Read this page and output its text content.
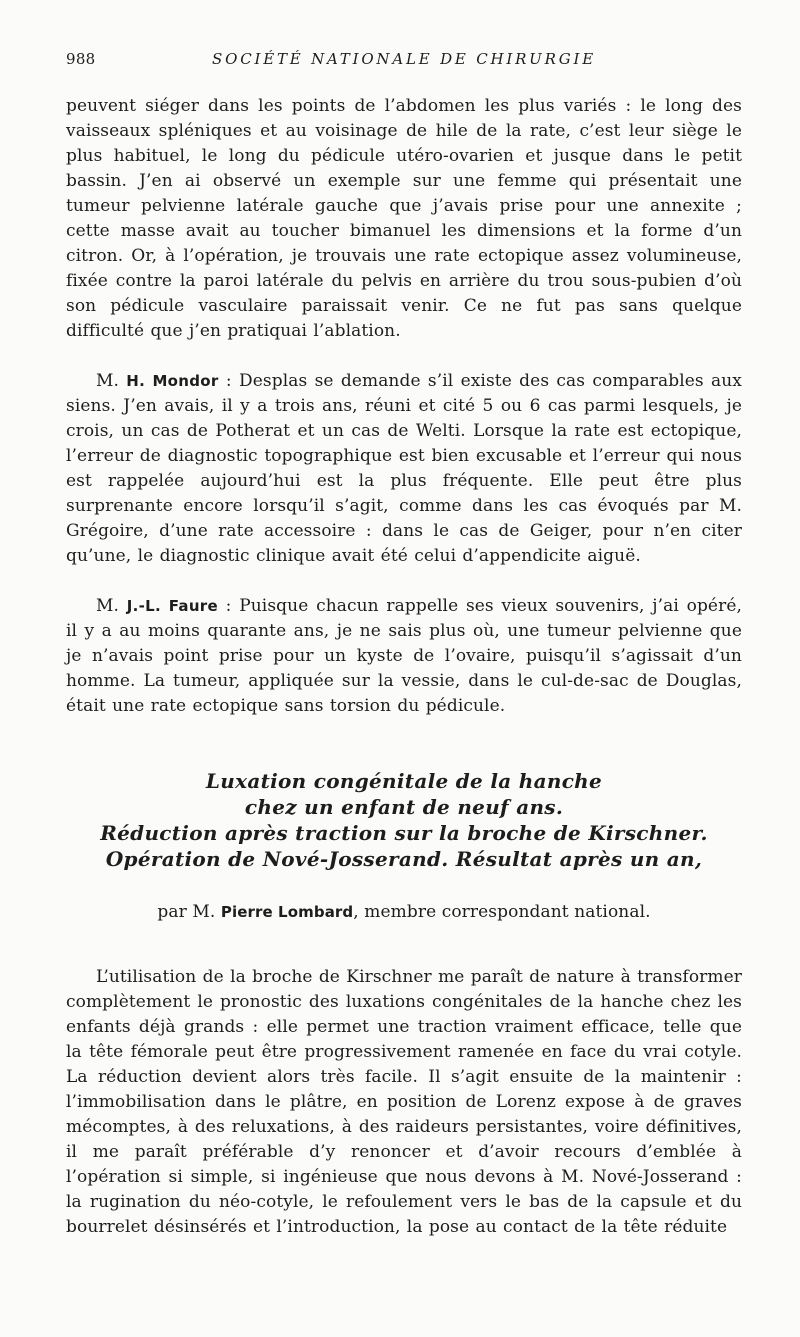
988	SOCIÉTÉ NATIONALE DE CHIRURGIE

peuvent siéger dans les points de l’abdomen les plus variés : le long des vaisseaux spléniques et au voisinage de hile de la rate, c’est leur siège le plus habituel, le long du pédicule utéro-ovarien et jusque dans le petit bassin. J’en ai observé un exemple sur une femme qui présentait une tumeur pelvienne latérale gauche que j’avais prise pour une annexite ; cette masse avait au toucher bimanuel les dimensions et la forme d’un citron. Or, à l’opération, je trouvais une rate ectopique assez volumineuse, fixée contre la paroi latérale du pelvis en arrière du trou sous-pubien d’où son pédicule vasculaire paraissait venir. Ce ne fut pas sans quelque difficulté que j’en pratiquai l’ablation.

M. H. Mondor : Desplas se demande s’il existe des cas comparables aux siens. J’en avais, il y a trois ans, réuni et cité 5 ou 6 cas parmi lesquels, je crois, un cas de Potherat et un cas de Welti. Lorsque la rate est ectopique, l’erreur de diagnostic topographique est bien excusable et l’erreur qui nous est rappelée aujourd’hui est la plus fréquente. Elle peut être plus surprenante encore lorsqu’il s’agit, comme dans les cas évoqués par M. Grégoire, d’une rate accessoire : dans le cas de Geiger, pour n’en citer qu’une, le diagnostic clinique avait été celui d’appendicite aiguë.

M. J.-L. Faure : Puisque chacun rappelle ses vieux souvenirs, j’ai opéré, il y a au moins quarante ans, je ne sais plus où, une tumeur pelvienne que je n’avais point prise pour un kyste de l’ovaire, puisqu’il s’agissait d’un homme. La tumeur, appliquée sur la vessie, dans le cul-de-sac de Douglas, était une rate ectopique sans torsion du pédicule.

Luxation congénitale de la hanche
chez un enfant de neuf ans.
Réduction après traction sur la broche de Kirschner.
Opération de Nové-Josserand. Résultat après un an,
par M. Pierre Lombard, membre correspondant national.

L’utilisation de la broche de Kirschner me paraît de nature à transformer complètement le pronostic des luxations congénitales de la hanche chez les enfants déjà grands : elle permet une traction vraiment efficace, telle que la tête fémorale peut être progressivement ramenée en face du vrai cotyle. La réduction devient alors très facile. Il s’agit ensuite de la maintenir : l’immobilisation dans le plâtre, en position de Lorenz expose à de graves mécomptes, à des reluxations, à des raideurs persistantes, voire définitives, il me paraît préférable d’y renoncer et d’avoir recours d’emblée à l’opération si simple, si ingénieuse que nous devons à M. Nové-Josserand : la rugination du néo-cotyle, le refoulement vers le bas de la capsule et du bourrelet désinsérés et l’introduction, la pose au contact de la tête réduite
